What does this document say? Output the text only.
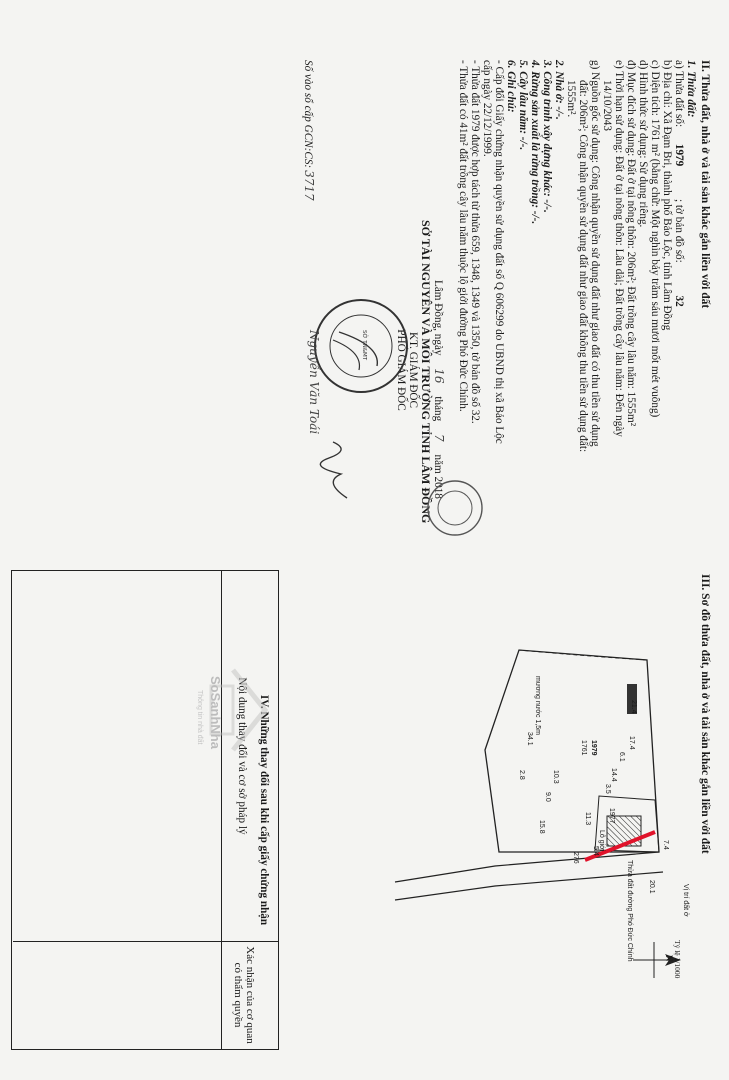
II. Thửa đất, nhà ở và tài sản khác gắn liền với đất
1. Thửa đất:
a) Thửa đất số: 1979 ; tờ bản đồ số: 32
b) Địa chỉ: Xã Đạm Bri, thành phố Bảo Lộc, tỉnh Lâm Đồng
c) Diện tích: 1761 m² (bằng chữ: Một nghìn bảy trăm sáu mươi mốt mét vuông)
d) Hình thức sử dụng: Sử dụng riêng.
đ) Mục đích sử dụng: Đất ở tại nông thôn: 206m²; Đất trồng cây lâu năm: 1555m²
e) Thời hạn sử dụng: Đất ở tại nông thôn: Lâu dài; Đất trồng cây lâu năm: Đến ngày
14/10/2043
g) Nguồn gốc sử dụng: Công nhận quyền sử dụng đất như giao đất có thu tiền sử dụng
đất: 206m²; Công nhận quyền sử dụng đất như giao đất không thu tiền sử dụng đất:
1555m².
2. Nhà ở: -/-.
3. Công trình xây dựng khác: -/-.
4. Rừng sản xuất là rừng trồng: -/-.
5. Cây lâu năm: -/-.
6. Ghi chú:
- Cấp đổi Giấy chứng nhận quyền sử dụng đất số Q 606299 do UBND thị xã Bảo Lộc
cấp ngày 22/12/1999.
- Thửa đất 1979 được hợp tách từ thửa 659, 1348, 1349 và 1350, tờ bản đồ số 32.
- Thửa đất có 41m² đất trồng cây lâu năm thuộc lộ giới đường Phó Đức Chính.
Lâm Đồng, ngày 16 tháng 7 năm 2018
SỞ TÀI NGUYÊN VÀ MÔI TRƯỜNG TỈNH LÂM ĐỒNG
KT. GIÁM ĐỐC
PHÓ GIÁM ĐỐC
SỞ TN&MT
Nguyễn Văn Toái
Số vào sổ cấp GCN:CS:3717
III. Sơ đồ thửa đất, nhà ở và tài sản khác gắn liền với đất
Tỷ lệ 1/1000
N
Thửa đất đường Phó Đức Chính
Lô giới
1979
1761
1977
276
mương nước 1,5m
Vị trí đất ở
21.4
17.4
6.1
14.4
3.5
10.3
9.0
15.8
11.3
5.4
34.1
2.8
7.4
20.1
IV. Những thay đổi sau khi cấp giấy chứng nhận
Nội dung thay đổi và cơ sở pháp lý
Xác nhận của cơ quan có thẩm quyền
SoSanhNha
Thông tin nhà đất
